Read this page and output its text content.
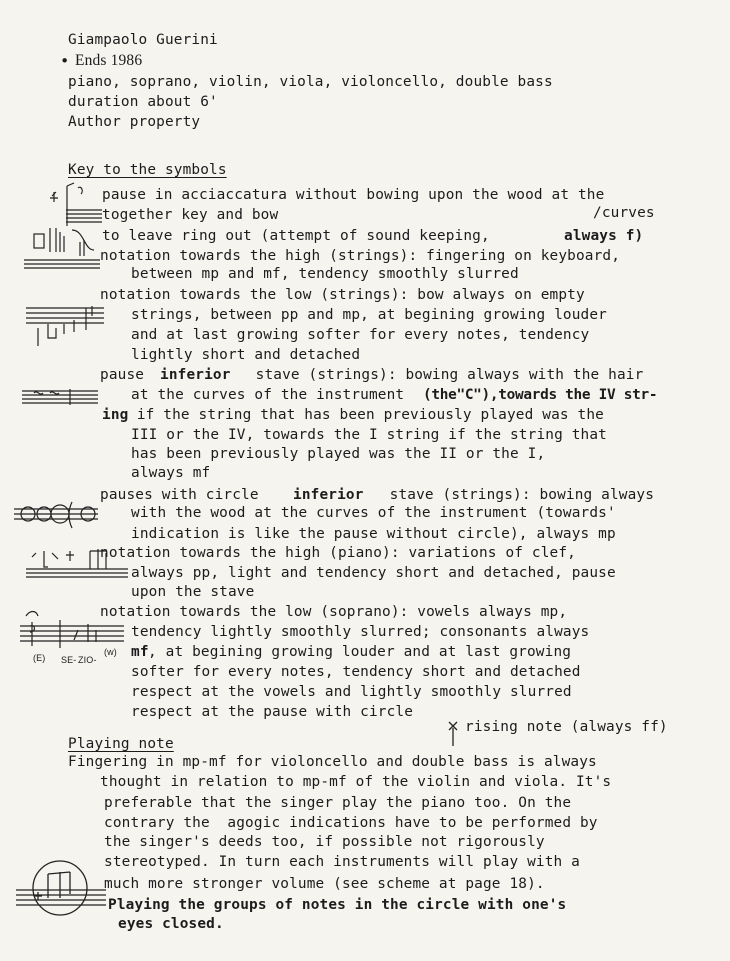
Giampaolo Guerini
• Ends 1986
piano, soprano, violin, viola, violoncello, double bass
duration about 6'
Author property
Key to the symbols
pause in acciaccatura without bowing upon the wood at the
together key and bow	/curves
to leave ring out (attempt of sound keeping,	always f)
notation towards the high (strings): fingering on keyboard,
between mp and mf, tendency smoothly slurred
notation towards the low (strings): bow always on empty
strings, between pp and mp, at begining growing louder
and at last growing softer for every notes, tendency
lightly short and detached
pause inferior stave (strings): bowing always with the hair
at the curves of the instrument (the"C"),towards the IV str-
ing if the string that has been previously played was the
III or the IV, towards the I string if the string that
has been previously played was the II or the I,
always mf
pauses with circle inferior stave (strings): bowing always
with the wood at the curves of the instrument (towards'
indication is like the pause without circle), always mp
notation towards the high (piano): variations of clef,
always pp, light and tendency short and detached, pause
upon the stave
(E) SE- ZIO-
(w)
notation towards the low (soprano): vowels always mp,
tendency lightly smoothly slurred; consonants always
mf , at begining growing louder and at last growing
softer for every notes, tendency short and detached
respect at the vowels and lightly smoothly slurred
respect at the pause with circle
rising note (always ff)
Playing note
Fingering in mp-mf for violoncello and double bass is always
thought in relation to mp-mf of the violin and viola. It's
preferable that the singer play the piano too. On the
contrary the  agogic indications have to be performed by
the singer's deeds too, if possible not rigorously
stereotyped. In turn each instruments will play with a
much more stronger volume (see scheme at page 18).
Playing the groups of notes in the circle with one's
eyes closed.
